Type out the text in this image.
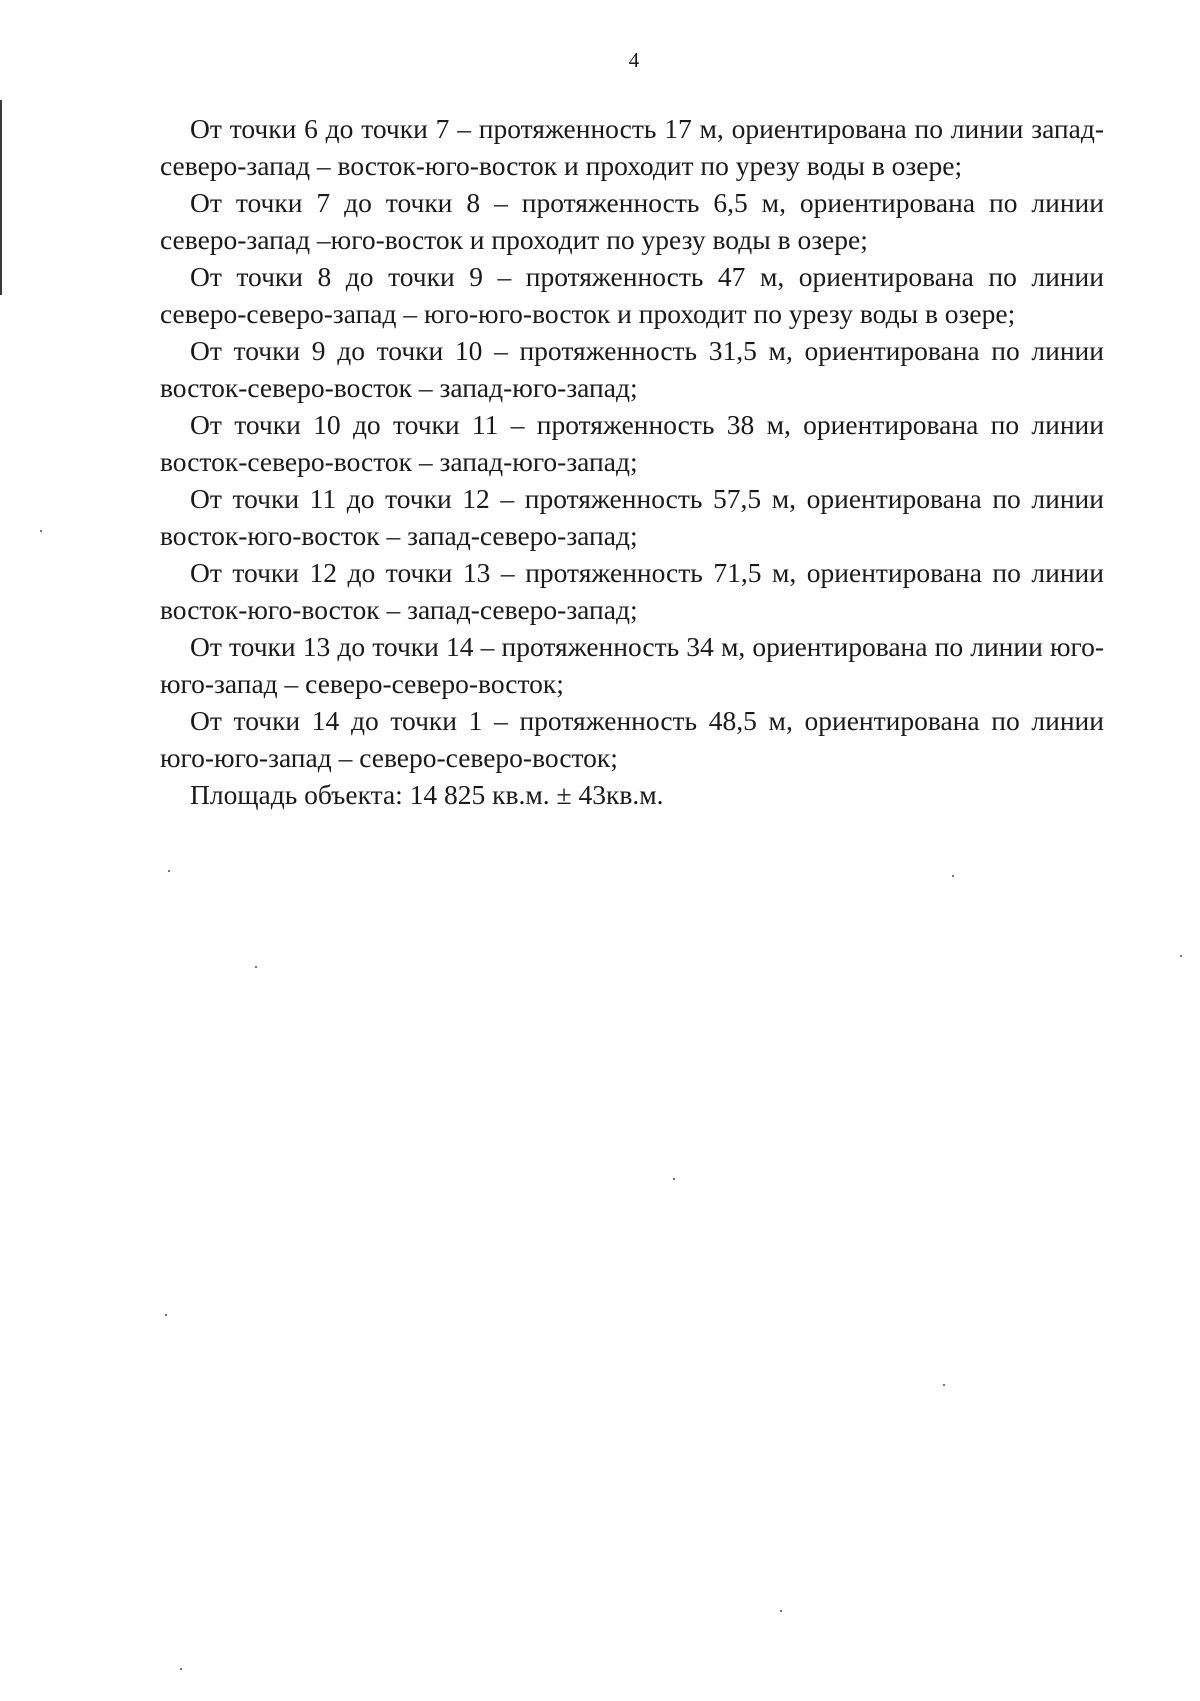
4

От точки 6 до точки 7 – протяженность 17 м, ориентирована по линии запад-северо-запад – восток-юго-восток и проходит по урезу воды в озере;

От точки 7 до точки 8 – протяженность 6,5 м, ориентирована по линии северо-запад –юго-восток и проходит по урезу воды в озере;

От точки 8 до точки 9 – протяженность 47 м, ориентирована по линии северо-северо-запад – юго-юго-восток и проходит по урезу воды в озере;

От точки 9 до точки 10 – протяженность 31,5 м, ориентирована по линии восток-северо-восток – запад-юго-запад;

От точки 10 до точки 11 – протяженность 38 м, ориентирована по линии восток-северо-восток – запад-юго-запад;

От точки 11 до точки 12 – протяженность 57,5 м, ориентирована по линии восток-юго-восток – запад-северо-запад;

От точки 12 до точки 13 – протяженность 71,5 м, ориентирована по линии восток-юго-восток – запад-северо-запад;

От точки 13 до точки 14 – протяженность 34 м, ориентирована по линии юго-юго-запад – северо-северо-восток;

От точки 14 до точки 1 – протяженность 48,5 м, ориентирована по линии юго-юго-запад – северо-северо-восток;

Площадь объекта: 14 825 кв.м. ± 43кв.м.
